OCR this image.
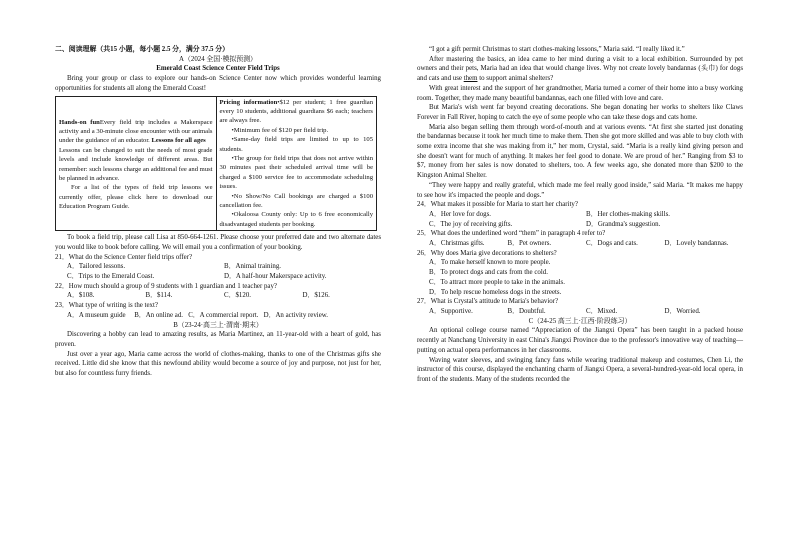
二、阅读理解（共15 小题，每小题 2.5 分，满分 37.5 分）

A（2024 全国·模拟预测）

Emerald Coast Science Center Field Trips

Bring your group or class to explore our hands-on Science Center now which provides wonderful learning opportunities for students all along the Emerald Coast!

Hands-on funEvery field trip includes a Makerspace activity and a 30-minute close encounter with our animals under the guidance of an educator. Lessons for all ages

Lessons can be changed to suit the needs of most grade levels and include knowledge of different areas. But remember: such lessons charge an additional fee and must be planned in advance.

For a list of the types of field trip lessons we currently offer, please click here to download our Education Program Guide.

Pricing information•$12 per student; 1 free guardian every 10 students, additional guardians $6 each; teachers are always free.

•Minimum fee of $120 per field trip.

•Same-day field trips are limited to up to 105 students.

•The group for field trips that does not arrive within 30 minutes past their scheduled arrival time will be charged a $100 service fee to accommodate scheduling issues.

•No Show/No Call bookings are charged a $100 cancellation fee.

•Okaloosa County only: Up to 6 free economically disadvantaged students per booking.

To book a field trip, please call Lisa at 850-664-1261. Please choose your preferred date and two alternate dates you would like to book before calling. We will email you a confirmation of your booking.

21．What do the Science Center field trips offer?

A．Tailored lessons.	B．Animal training.
C．Trips to the Emerald Coast.	D．A half-hour Makerspace activity.

22．How much should a group of 9 students with 1 guardian and 1 teacher pay?

A．$108.	B．$114.	C．$120.	D．$126.

23．What type of writing is the text?

A．A museum guide B．An online ad. C．A commercial report. D．An activity review.

B（23-24·高三上·渭南·期末）

Discovering a hobby can lead to amazing results, as Maria Martinez, an 11-year-old with a heart of gold, has proven.

Just over a year ago, Maria came across the world of clothes-making, thanks to one of the Christmas gifts she received. Little did she know that this newfound ability would become a source of joy and purpose, not just for her, but also for countless furry friends.

“I got a gift permit Christmas to start clothes-making lessons,” Maria said. “I really liked it.”

After mastering the basics, an idea came to her mind during a visit to a local exhibition. Surrounded by pet owners and their pets, Maria had an idea that would change lives. Why not create lovely bandannas (头巾) for dogs and cats and use them to support animal shelters?

With great interest and the support of her grandmother, Maria turned a corner of their home into a busy working room. Together, they made many beautiful bandannas, each one filled with love and care.

But Maria's wish went far beyond creating decorations. She began donating her works to shelters like Claws Forever in Fall River, hoping to catch the eye of some people who can take these dogs and cats home.

Maria also began selling them through word-of-mouth and at various events. “At first she started just donating the bandannas because it took her much time to make them. Then she got more skilled and was able to buy cloth with some extra income that she was making from it,” her mom, Crystal, said. “Maria is a really kind giving person and she doesn't want for much of anything. It makes her feel good to donate. We are proud of her.” Ranging from $3 to $7, money from her sales is now donated to shelters, too. A few weeks ago, she donated more than $200 to the Kingston Animal Shelter.

“They were happy and really grateful, which made me feel really good inside,” said Maria. “It makes me happy to see how it's impacted the people and dogs.”

24．What makes it possible for Maria to start her charity?

A．Her love for dogs.	B．Her clothes-making skills.
C．The joy of receiving gifts.	D．Grandma's suggestion.

25．What does the underlined word “them” in paragraph 4 refer to?

A．Christmas gifts.	B．Pet owners.	C．Dogs and cats.	D．Lovely bandannas.

26．Why does Maria give decorations to shelters?

A．To make herself known to more people.

B．To protect dogs and cats from the cold.

C．To attract more people to take in the animals.

D．To help rescue homeless dogs in the streets.

27．What is Crystal's attitude to Maria's behavior?

A．Supportive.	B．Doubtful.	C．Mixed.	D．Worried.

C（24-25 高三上·江西·阶段练习）

An optional college course named “Appreciation of the Jiangxi Opera” has been taught in a packed house recently at Nanchang University in east China's Jiangxi Province due to the professor's innovative way of teaching—putting on actual opera performances in her classrooms.

Waving water sleeves, and swinging fancy fans while wearing traditional makeup and costumes, Chen Li, the instructor of this course, displayed the enchanting charm of Jiangxi Opera, a several-hundred-year-old local opera, in front of the students. Many of the students recorded the
